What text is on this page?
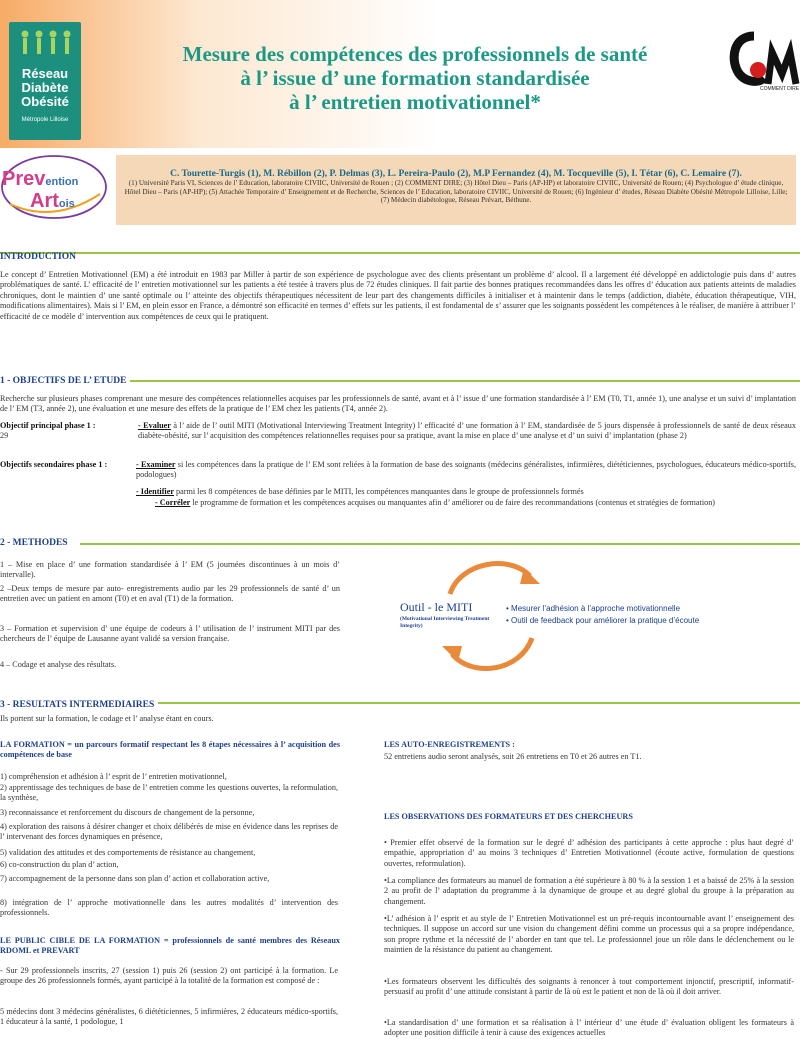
Réseau
Diabète
Obésité
Métropole Lilloise
Mesure des compétences des professionnels de santé
à l’ issue d’ une formation standardisée
à l’ entretien motivationnel*
COMMENT DIRE
Prevention
Artois
C. Tourette-Turgis (1), M. Rébillon (2), P. Delmas (3), L. Pereira-Paulo (2), M.P Fernandez (4), M. Tocqueville (5), I. Tétar (6), C. Lemaire (7).
(1) Université Paris VI, Sciences de l’ Education, laboratoire CIVIIC, Université de Rouen ; (2) COMMENT DIRE; (3) Hôtel Dieu – Paris (AP-HP) et laboratoire CIVIIC, Université de Rouen; (4) Psychologue d’ étude clinique, Hôtel Dieu – Paris (AP-HP); (5) Attachée Temporaire d’ Enseignement et de Recherche, Sciences de l’ Education, laboratoire CIVIIC, Université de Rouen; (6) Ingénieur d’ études, Réseau Diabète Obésité Métropole Lilloise, Lille; (7) Médecin diabétologue, Réseau Prévart, Béthune.
INTRODUCTION
Le concept d’ Entretien Motivationnel (EM) a été introduit en 1983 par Miller à partir de son expérience de psychologue avec des clients présentant un problème d’ alcool. Il a largement été développé en addictologie puis dans d’ autres problématiques de santé. L’ efficacité de l’ entretien motivationnel sur les patients a été testée à travers plus de 72 études cliniques. Il fait partie des bonnes pratiques recommandées dans les offres d’ éducation aux patients atteints de maladies chroniques, dont le maintien d’ une santé optimale ou l’ atteinte des objectifs thérapeutiques nécessitent de leur part des changements difficiles à initialiser et à maintenir dans le temps (addiction, diabète, éducation thérapeutique, VIH, modifications alimentaires). Mais si l’ EM, en plein essor en France, a démontré son efficacité en termes d’ effets sur les patients, il est fondamental de s’ assurer que les soignants possèdent les compétences à le réaliser, de manière à attribuer l’ efficacité de ce modèle d’ intervention aux compétences de ceux qui le pratiquent.
1 - OBJECTIFS DE L’ ETUDE
Recherche sur plusieurs phases comprenant une mesure des compétences relationnelles acquises par les professionnels de santé, avant et à l’ issue d’ une formation standardisée à l’ EM (T0, T1, année 1), une analyse et un suivi d’ implantation de l’ EM (T3, année 2), une évaluation et une mesure des effets de la pratique de l’ EM chez les patients (T4, année 2).
Objectif principal phase 1 :
29
- Evaluer à l’ aide de l’ outil MITI (Motivational Interviewing Treatment Integrity) l’ efficacité d’ une formation à l’ EM, standardisée de 5 jours dispensée à professionnels de santé de deux réseaux diabète-obésité, sur l’ acquisition des compétences relationnelles requises pour sa pratique, avant la mise en place d’ une analyse et d’ un suivi d’ implantation (phase 2)
Objectifs secondaires phase 1 :	- Examiner si les compétences dans la pratique de l’ EM sont reliées à la formation de base des soignants (médecins généralistes, infirmières, diététiciennes, psychologues, éducateurs médico-sportifs, podologues)
- Identifier parmi les 8 compétences de base définies par le MITI, les compétences manquantes dans le groupe de professionnels formés
- Corréler le programme de formation et les compétences acquises ou manquantes afin d’ améliorer ou de faire des recommandations (contenus et stratégies de formation)
2 - METHODES
1 – Mise en place d’ une formation standardisée à l’ EM (5 journées discontinues à un mois d’ intervalle).
2 –Deux temps de mesure par auto- enregistrements audio par les 29 professionnels de santé d’ un entretien avec un patient en amont (T0) et en aval (T1) de la formation.
3 – Formation et supervision d’ une équipe de codeurs à l’ utilisation de l’ instrument MITI par des chercheurs de l’ équipe de Lausanne ayant validé sa version française.
4 – Codage et analyse des résultats.
Outil - le MITI
(Motivational Interviewing Treatment Integrity)
• Mesurer l’adhésion à l’approche motivationnelle
• Outil de feedback pour améliorer la pratique d’écoute
3 - RESULTATS INTERMEDIAIRES
Ils portent sur la formation, le codage et l’ analyse étant en cours.
LA FORMATION = un parcours formatif respectant les 8 étapes nécessaires à l’ acquisition des compétences de base
1) compréhension et adhésion à l’ esprit de l’ entretien motivationnel,
2) apprentissage des techniques de base de l’ entretien comme les questions ouvertes, la reformulation, la synthèse,
3) reconnaissance et renforcement du discours de changement de la personne,
4) exploration des raisons à désirer changer et choix délibérés de mise en évidence dans les reprises de l’ intervenant des forces dynamiques en présence,
5) validation des attitudes et des comportements de résistance au changement,
6) co-construction du plan d’ action,
7) accompagnement de la personne dans son plan d’ action et collaboration active,
8) intégration de l’ approche motivationnelle dans les autres modalités d’ intervention des professionnels.
LE PUBLIC CIBLE DE LA FORMATION = professionnels de santé membres des Réseaux RDOML et PREVART
- Sur 29 professionnels inscrits, 27 (session 1) puis 26 (session 2) ont participé à la formation. Le groupe des 26 professionnels formés, ayant participé à la totalité de la formation est composé de :
5 médecins dont 3 médecins généralistes, 6 diététiciennes, 5 infirmières, 2 éducateurs médico-sportifs, 1 éducateur à la santé, 1 podologue, 1
LES AUTO-ENREGISTREMENTS :
52 entretiens audio seront analysés, soit 26 entretiens en T0 et 26 autres en T1.
LES OBSERVATIONS DES FORMATEURS ET DES CHERCHEURS
• Premier effet observé de la formation sur le degré d’ adhésion des participants à cette approche : plus haut degré d’ empathie, appropriation d’ au moins 3 techniques d’ Entretien Motivationnel (écoute active, formulation de questions ouvertes, reformulation).
•La compliance des formateurs au manuel de formation a été supérieure à 80 % à la session 1 et a baissé de 25% à la session 2 au profit de l’ adaptation du programme à la dynamique de groupe et au degré global du groupe à la préparation au changement.
•L’ adhésion à l’ esprit et au style de l’ Entretien Motivationnel est un pré-requis incontournable avant l’ enseignement des techniques. Il suppose un accord sur une vision du changement défini comme un processus qui a sa propre indépendance, son propre rythme et la nécessité de l’ aborder en tant que tel. Le professionnel joue un rôle dans le déclenchement ou le maintien de la résistance du patient au changement.
•Les formateurs observent les difficultés des soignants à renoncer à tout comportement injonctif, prescriptif, informatif-persuasif au profit d’ une attitude consistant à partir de là où est le patient et non de là où il doit arriver.
•La standardisation d’ une formation et sa réalisation à l’ intérieur d’ une étude d’ évaluation obligent les formateurs à adopter une position difficile à tenir à cause des exigences actuelles
